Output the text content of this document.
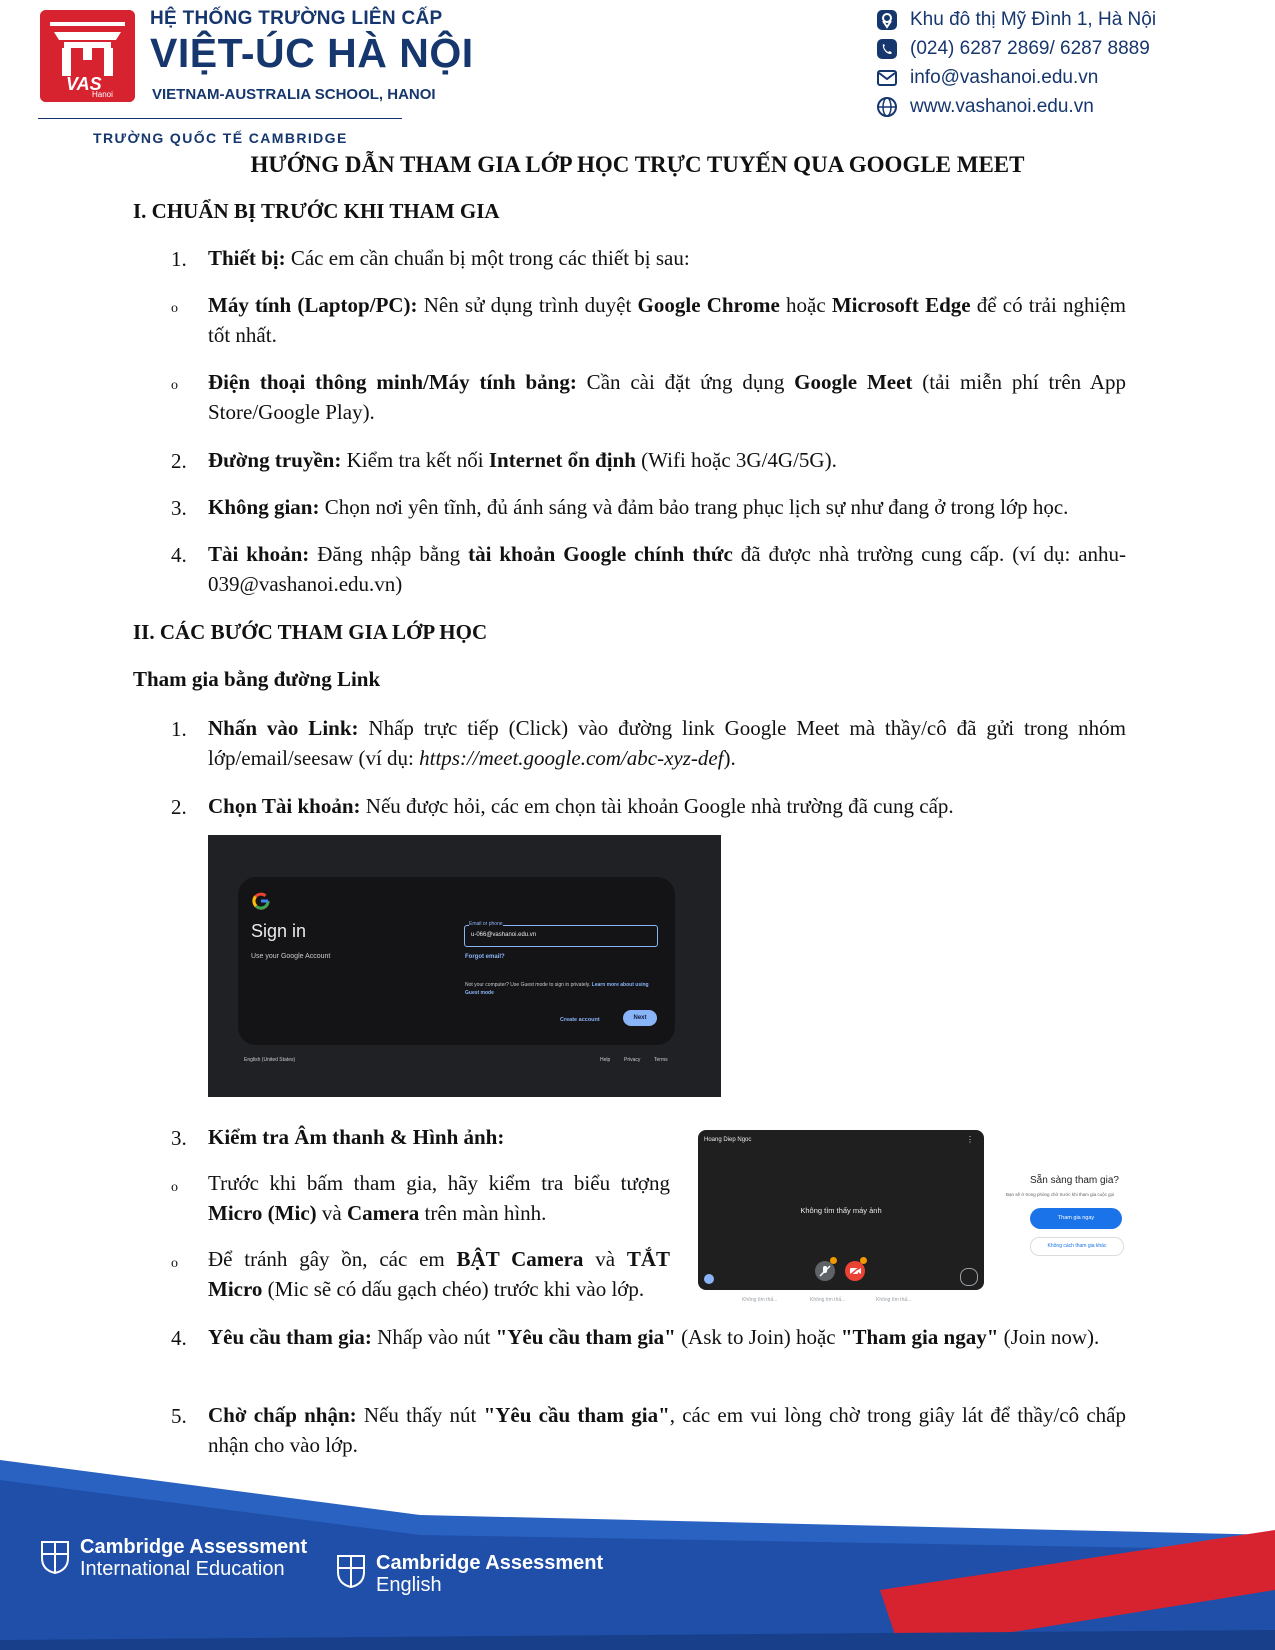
VAS
Hanoi
HỆ THỐNG TRƯỜNG LIÊN CẤP
VIỆT-ÚC HÀ NỘI
VIETNAM-AUSTRALIA SCHOOL, HANOI
TRƯỜNG QUỐC TẾ CAMBRIDGE
Khu đô thị Mỹ Đình 1, Hà Nội
(024) 6287 2869/ 6287 8889
info@vashanoi.edu.vn
www.vashanoi.edu.vn
HƯỚNG DẪN THAM GIA LỚP HỌC TRỰC TUYẾN QUA GOOGLE MEET
I. CHUẨN BỊ TRƯỚC KHI THAM GIA
1. Thiết bị: Các em cần chuẩn bị một trong các thiết bị sau:
o Máy tính (Laptop/PC): Nên sử dụng trình duyệt Google Chrome hoặc Microsoft Edge để có trải nghiệm tốt nhất.
o Điện thoại thông minh/Máy tính bảng: Cần cài đặt ứng dụng Google Meet (tải miễn phí trên App Store/Google Play).
2. Đường truyền: Kiểm tra kết nối Internet ổn định (Wifi hoặc 3G/4G/5G).
3. Không gian: Chọn nơi yên tĩnh, đủ ánh sáng và đảm bảo trang phục lịch sự như đang ở trong lớp học.
4. Tài khoản: Đăng nhập bằng tài khoản Google chính thức đã được nhà trường cung cấp. (ví dụ: anhu-039@vashanoi.edu.vn)
II. CÁC BƯỚC THAM GIA LỚP HỌC
Tham gia bằng đường Link
1. Nhấn vào Link: Nhấp trực tiếp (Click) vào đường link Google Meet mà thầy/cô đã gửi trong nhóm lớp/email/seesaw (ví dụ: https://meet.google.com/abc-xyz-def).
2. Chọn Tài khoản: Nếu được hỏi, các em chọn tài khoản Google nhà trường đã cung cấp.
Sign in
Use your Google Account
Email or phone
u-066@vashanoi.edu.vn
Forgot email?
Not your computer? Use Guest mode to sign in privately. Learn more about using Guest mode
Create account	Next
English (United States)	Help	Privacy	Terms
3. Kiểm tra Âm thanh & Hình ảnh:
o Trước khi bấm tham gia, hãy kiểm tra biểu tượng Micro (Mic) và Camera trên màn hình.
o Để tránh gây ồn, các em BẬT Camera và TẮT Micro (Mic sẽ có dấu gạch chéo) trước khi vào lớp.
Hoang Diep Ngoc	⋮
Không tìm thấy máy ảnh
Không tìm thấ...	Không tìm thấ...	Không tìm thấ...
Sẵn sàng tham gia?
Bạn sẽ ở trong phòng chờ trước khi tham gia cuộc gọi
Tham gia ngay
Không cách tham gia khác
4. Yêu cầu tham gia: Nhấp vào nút "Yêu cầu tham gia" (Ask to Join) hoặc "Tham gia ngay" (Join now).
5. Chờ chấp nhận: Nếu thấy nút "Yêu cầu tham gia", các em vui lòng chờ trong giây lát để thầy/cô chấp nhận cho vào lớp.
Cambridge Assessment
International Education	Cambridge Assessment
English
